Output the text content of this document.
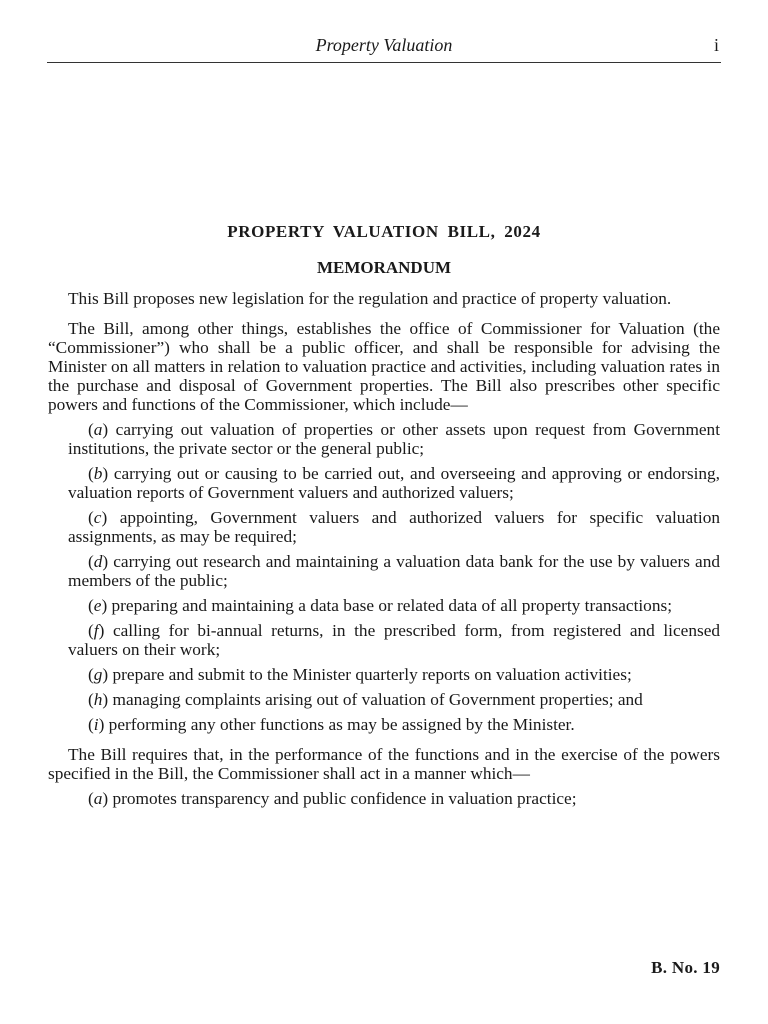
Property Valuation	i

PROPERTY VALUATION BILL, 2024

MEMORANDUM

This Bill proposes new legislation for the regulation and practice of property valuation.

The Bill, among other things, establishes the office of Commissioner for Valuation (the “Commissioner”) who shall be a public officer, and shall be responsible for advising the Minister on all matters in relation to valuation practice and activities, including valuation rates in the purchase and disposal of Government properties. The Bill also prescribes other specific powers and functions of the Commissioner, which include—

(a) carrying out valuation of properties or other assets upon request from Government institutions, the private sector or the general public;

(b) carrying out or causing to be carried out, and overseeing and approving or endorsing, valuation reports of Government valuers and authorized valuers;

(c) appointing, Government valuers and authorized valuers for specific valuation assignments, as may be required;

(d) carrying out research and maintaining a valuation data bank for the use by valuers and members of the public;

(e) preparing and maintaining a data base or related data of all property transactions;

(f) calling for bi-annual returns, in the prescribed form, from registered and licensed valuers on their work;

(g) prepare and submit to the Minister quarterly reports on valuation activities;

(h) managing complaints arising out of valuation of Government properties; and

(i) performing any other functions as may be assigned by the Minister.

The Bill requires that, in the performance of the functions and in the exercise of the powers specified in the Bill, the Commissioner shall act in a manner which—

(a) promotes transparency and public confidence in valuation practice;

B. No. 19
